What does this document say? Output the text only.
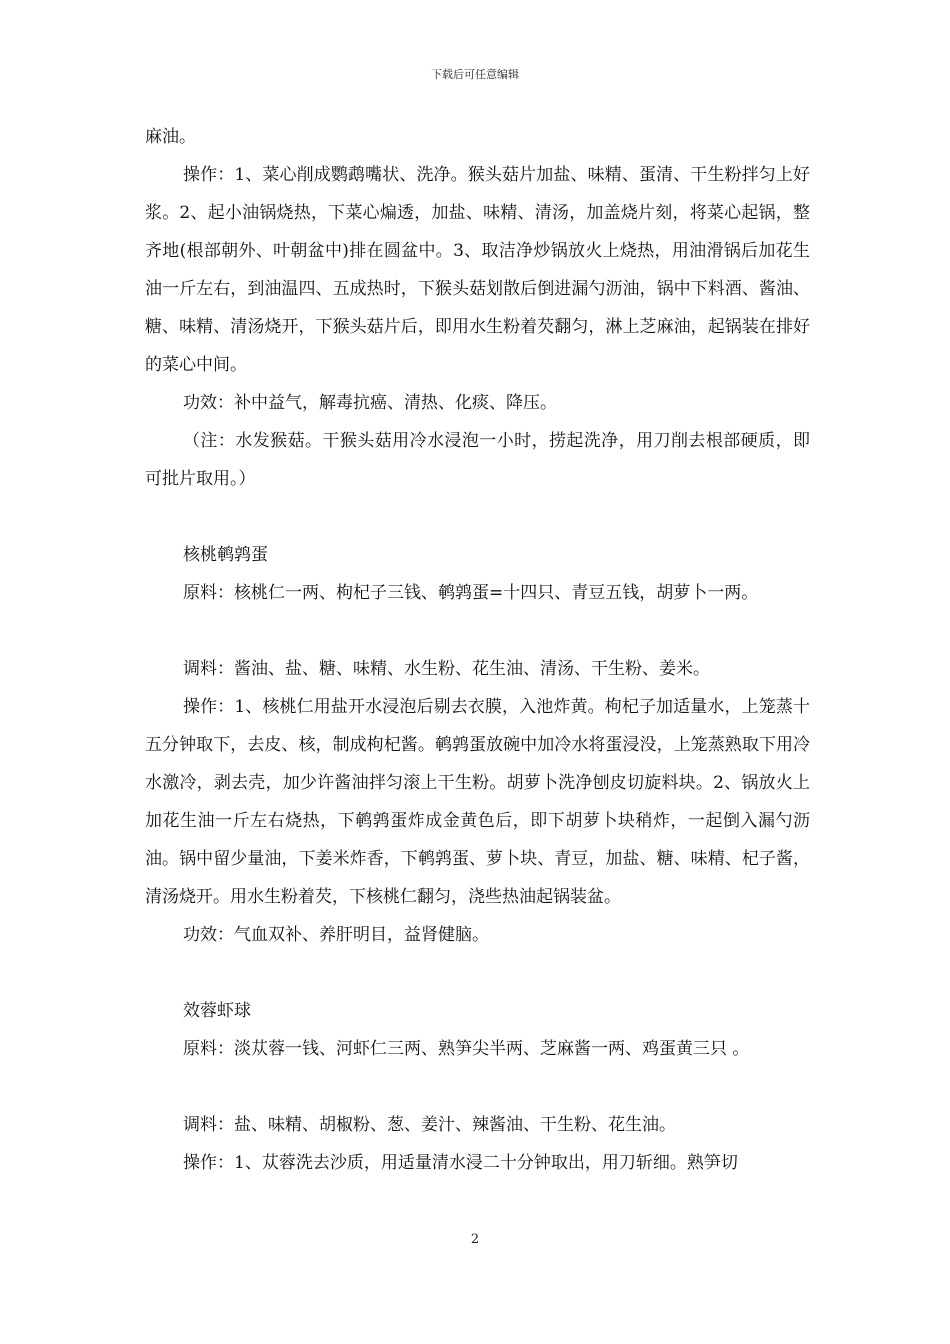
下载后可任意编辑

麻油。

操作：1、菜心削成鹦鹉嘴状、洗净。猴头菇片加盐、味精、蛋清、干生粉拌匀上好浆。2、起小油锅烧热，下菜心煸透，加盐、味精、清汤，加盖烧片刻，将菜心起锅，整齐地(根部朝外、叶朝盆中)排在圆盆中。3、取洁净炒锅放火上烧热，用油滑锅后加花生油一斤左右，到油温四、五成热时，下猴头菇划散后倒进漏勺沥油，锅中下料酒、酱油、糖、味精、清汤烧开，下猴头菇片后，即用水生粉着芡翻匀，淋上芝麻油，起锅装在排好的菜心中间。

功效：补中益气，解毒抗癌、清热、化痰、降压。

（注：水发猴菇。干猴头菇用冷水浸泡一小时，捞起洗净，用刀削去根部硬质，即可批片取用。）

核桃鹌鹑蛋

原料：核桃仁一两、枸杞子三钱、鹌鹑蛋=十四只、青豆五钱，胡萝卜一两。

调料：酱油、盐、糖、味精、水生粉、花生油、清汤、干生粉、姜米。

操作：1、核桃仁用盐开水浸泡后剔去衣膜，入池炸黄。枸杞子加适量水，上笼蒸十五分钟取下，去皮、核，制成枸杞酱。鹌鹑蛋放碗中加冷水将蛋浸没，上笼蒸熟取下用冷水激冷，剥去壳，加少许酱油拌匀滚上干生粉。胡萝卜洗净刨皮切旋料块。2、锅放火上加花生油一斤左右烧热，下鹌鹑蛋炸成金黄色后，即下胡萝卜块稍炸，一起倒入漏勺沥油。锅中留少量油，下姜米炸香，下鹌鹑蛋、萝卜块、青豆，加盐、糖、味精、杞子酱，清汤烧开。用水生粉着芡，下核桃仁翻匀，浇些热油起锅装盆。

功效：气血双补、养肝明目，益肾健脑。

效蓉虾球

原料：淡苁蓉一钱、河虾仁三两、熟笋尖半两、芝麻酱一两、鸡蛋黄三只 。

调料：盐、味精、胡椒粉、葱、姜汁、辣酱油、干生粉、花生油。

操作：1、苁蓉洗去沙质，用适量清水浸二十分钟取出，用刀斩细。熟笋切

2
